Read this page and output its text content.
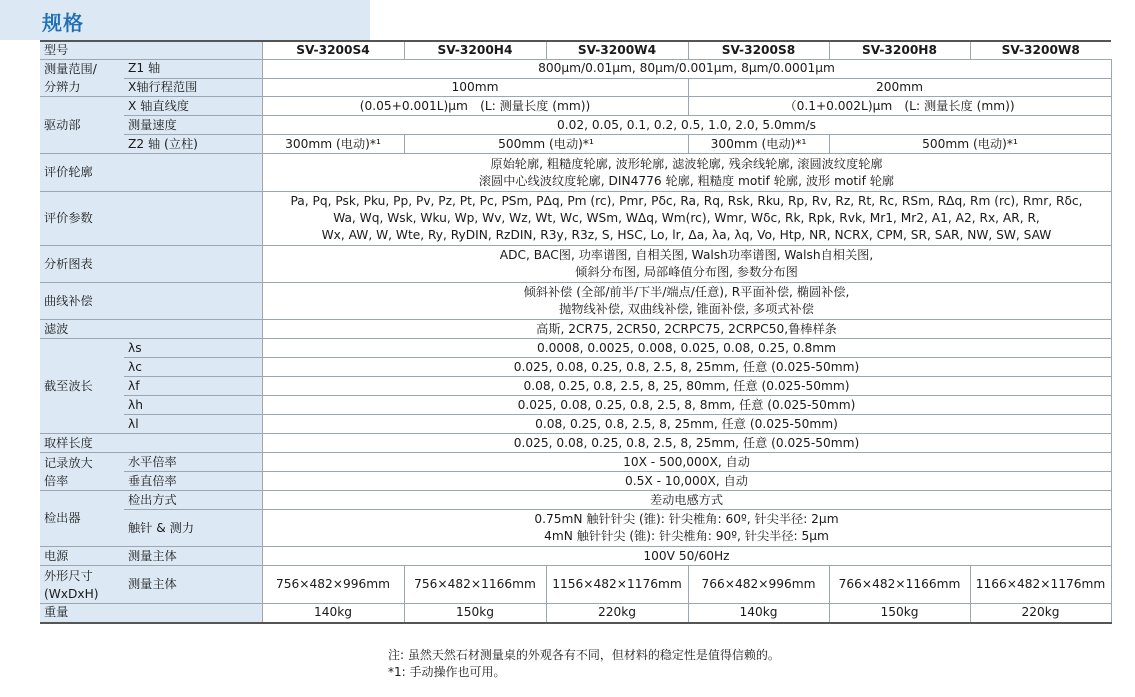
规格
型号		SV-3200S4	SV-3200H4	SV-3200W4	SV-3200S8	SV-3200H8	SV-3200W8
测量范围/
分辨力	Z1 轴	800μm/0.01μm, 80μm/0.001μm, 8μm/0.0001μm					
	X轴行程范围	100mm			200mm		
驱动部	X 轴直线度	(0.05+0.001L)μm　(L: 测量长度 (mm))			（0.1+0.002L)μm　(L: 测量长度 (mm))		
	测量速度	0.02, 0.05, 0.1, 0.2, 0.5, 1.0, 2.0, 5.0mm/s					
	Z2 轴 (立柱)	300mm (电动)*¹	500mm (电动)*¹		300mm (电动)*¹	500mm (电动)*¹	
评价轮廓		原始轮廓, 粗糙度轮廓, 波形轮廓, 滤波轮廓, 残余线轮廓, 滚圆波纹度轮廓
滚圆中心线波纹度轮廓, DIN4776 轮廓, 粗糙度 motif 轮廓, 波形 motif 轮廓					

评价参数		Pa, Pq, Psk, Pku, Pp, Pv, Pz, Pt, Pc, PSm, PΔq, Pm (rc), Pmr, Pδc, Ra, Rq, Rsk, Rku, Rp, Rv, Rz, Rt, Rc, RSm, RΔq, Rm (rc), Rmr, Rδc,
Wa, Wq, Wsk, Wku, Wp, Wv, Wz, Wt, Wc, WSm, WΔq, Wm(rc), Wmr, Wδc, Rk, Rpk, Rvk, Mr1, Mr2, A1, A2, Rx, AR, R,
Wx, AW, W, Wte, Ry, RyDIN, RzDIN, R3y, R3z, S, HSC, Lo, lr, Δa, λa, λq, Vo, Htp, NR, NCRX, CPM, SR, SAR, NW, SW, SAW					

分析图表		ADC, BAC图, 功率谱图, 自相关图, Walsh功率谱图, Walsh自相关图,
倾斜分布图, 局部峰值分布图, 参数分布图					

曲线补偿		倾斜补偿 (全部/前半/下半/端点/任意), R平面补偿, 椭圆补偿,
抛物线补偿, 双曲线补偿, 锥面补偿, 多项式补偿					

滤波		高斯, 2CR75, 2CR50, 2CRPC75, 2CRPC50,鲁棒样条					
截至波长	λs	0.0008, 0.0025, 0.008, 0.025, 0.08, 0.25, 0.8mm					
	λc	0.025, 0.08, 0.25, 0.8, 2.5, 8, 25mm, 任意 (0.025-50mm)					
	λf	0.08, 0.25, 0.8, 2.5, 8, 25, 80mm, 任意 (0.025-50mm)					
	λh	0.025, 0.08, 0.25, 0.8, 2.5, 8, 8mm, 任意 (0.025-50mm)					
	λl	0.08, 0.25, 0.8, 2.5, 8, 25mm, 任意 (0.025-50mm)					
取样长度		0.025, 0.08, 0.25, 0.8, 2.5, 8, 25mm, 任意 (0.025-50mm)					
记录放大
倍率	水平倍率	10X - 500,000X, 自动					
	垂直倍率	0.5X - 10,000X, 自动					
检出器	检出方式	差动电感方式					
	触针 & 测力	0.75mN 触针针尖 (锥): 针尖椎角: 60º, 针尖半径: 2μm
4mN 触针针尖 (锥): 针尖椎角: 90º, 针尖半径: 5μm					

电源	测量主体	100V 50/60Hz					
外形尺寸
(WxDxH)	测量主体	756×482×996mm	756×482×1166mm	1156×482×1176mm	766×482×996mm	766×482×1166mm	1166×482×1176mm
重量		140kg	150kg	220kg	140kg	150kg	220kg
注: 虽然天然石材测量桌的外观各有不同，但材料的稳定性是值得信赖的。
*1: 手动操作也可用。
